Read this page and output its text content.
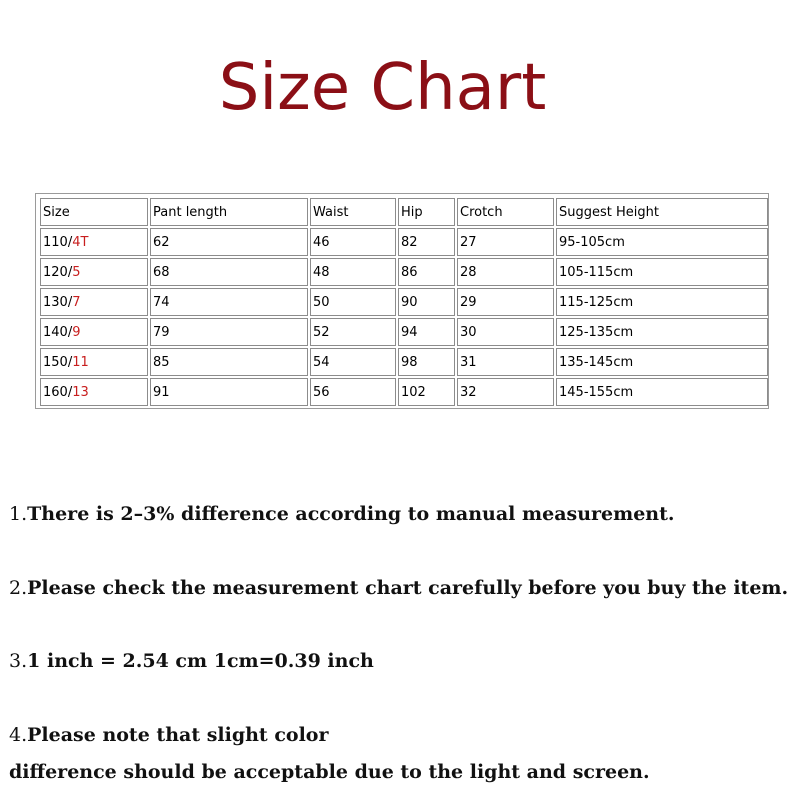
Size Chart
Size	Pant length	Waist	Hip	Crotch	Suggest Height
110/4T	62	46	82	27	95-105cm
120/5	68	48	86	28	105-115cm
130/7	74	50	90	29	115-125cm
140/9	79	52	94	30	125-135cm
150/11	85	54	98	31	135-145cm
160/13	91	56	102	32	145-155cm
1.There is 2–3% difference according to manual measurement.
2.Please check the measurement chart carefully before you buy the item.
3.1 inch = 2.54 cm 1cm=0.39 inch
4.Please note that slight color
difference should be acceptable due to the light and screen.
